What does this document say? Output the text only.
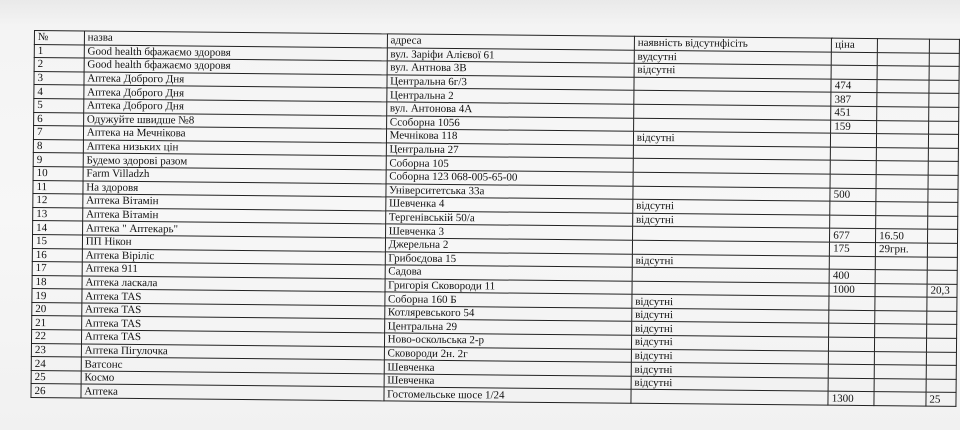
№	назва	адреса	наявність відсутнфісіть	ціна		
1	Good health бфажаємо здоровя	вул. Заріфи Алієвої 61	вудсутні			
2	Good health бфажаємо здоровя	вул. Антнова 3В	відсутні			
3	Аптека Доброго Дня	Центральна 6г/3		474		
4	Аптека Доброго Дня	Центральна 2		387		
5	Аптека Доброго Дня	вул. Антонова 4А		451		
6	Одужуйте швидше №8	Ссоборна 1056		159		
7	Аптека на Мечнікова	Мечнікова 118	відсутні			
8	Аптека низьких цін	Центральна 27				
9	Будемо здорові разом	Соборна 105				
10	Farm Villadzh	Соборна 123 068-005-65-00				
11	На здоровя	Університетська 33а		500		
12	Аптека Вітамін	Шевченка 4	відсутні			
13	Аптека Вітамін	Тергенівській 50/а	відсутні			
14	Аптека " Аптекарь"	Шевченка 3		677	16.50	
15	ПП Нікон	Джерельна 2		175	29грн.	
16	Аптека Віріліс	Грибоєдова 15	відсутні			
17	Аптека 911	Садова		400		
18	Аптека ласкала	Григорія Сковороди 11		1000		20,3
19	Аптека TAS	Соборна 160 Б	відсутні			
20	Аптека TAS	Котляревського 54	відсутні			
21	Аптека TAS	Центральна 29	відсутні			
22	Аптека TAS	Ново-оскольська 2-р	відсутні			
23	Аптека Пігулочка	Сковороди 2н. 2г	відсутні			
24	Ватсонс	Шевченка	відсутні			
25	Космо	Шевченка	відсутні			
26	Аптека	Гостомельське шосе 1/24		1300		25
